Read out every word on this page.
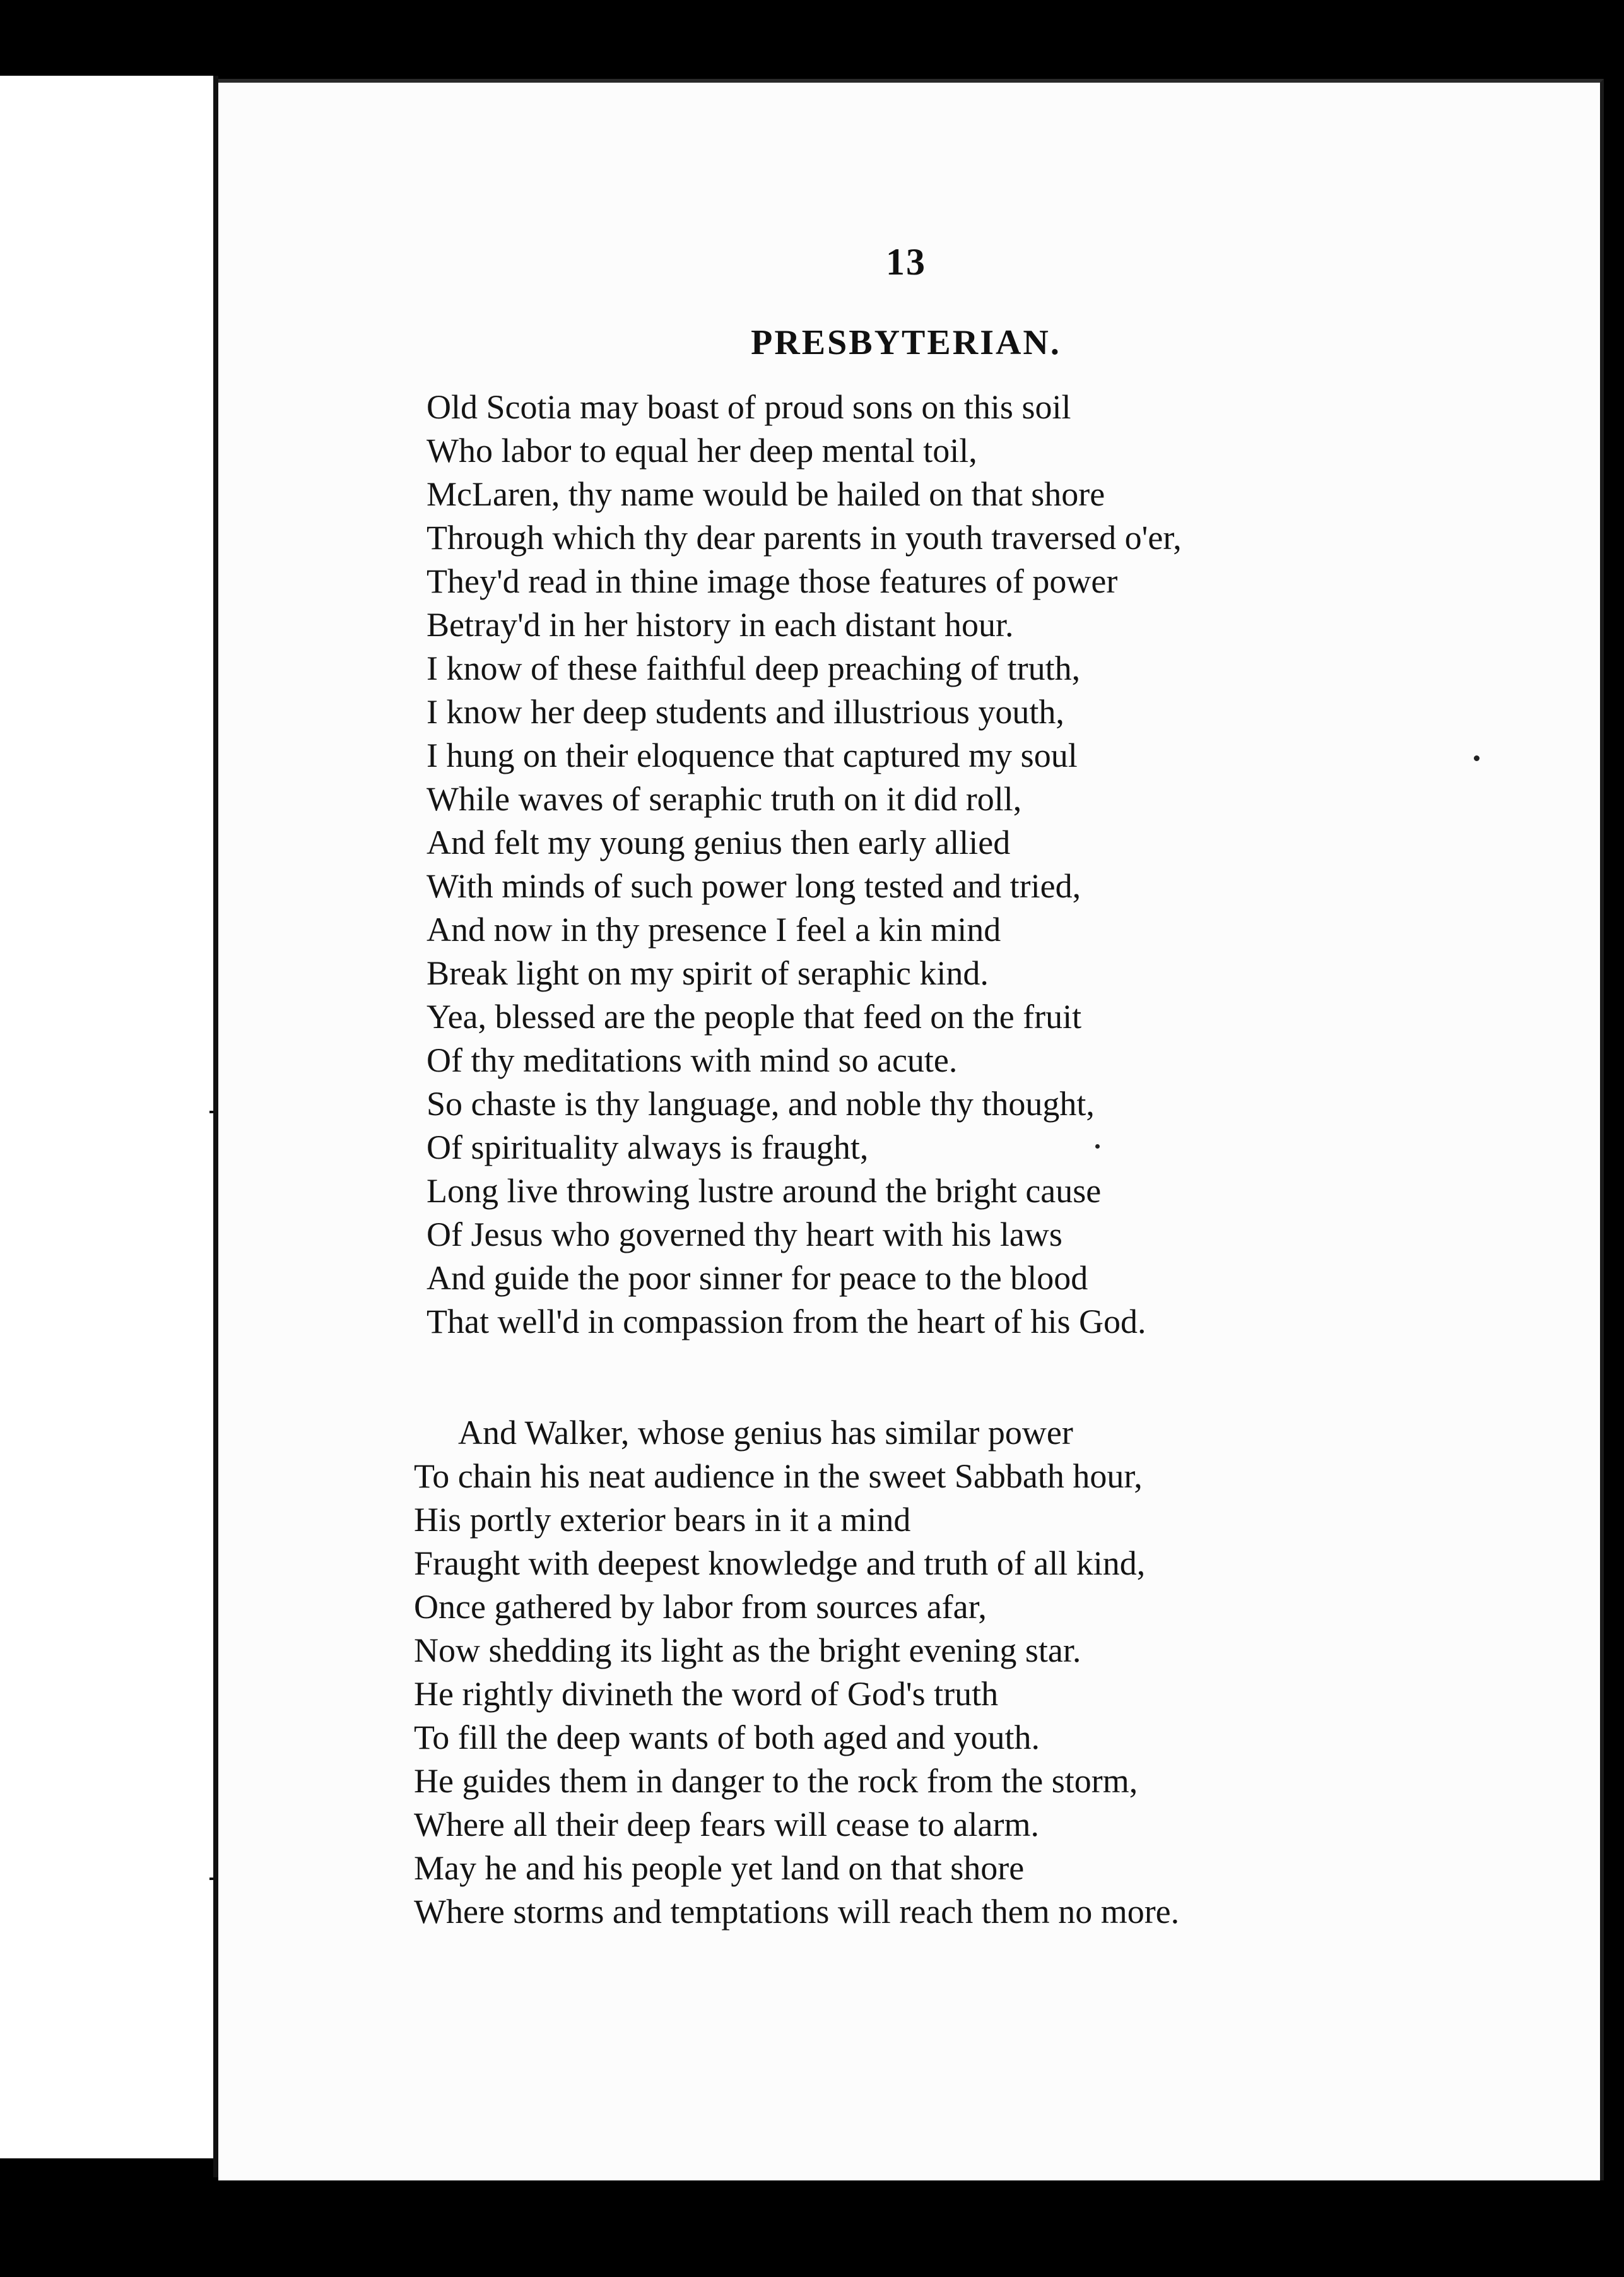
13
PRESBYTERIAN.
Old Scotia may boast of proud sons on this soil
Who labor to equal her deep mental toil,
McLaren, thy name would be hailed on that shore
Through which thy dear parents in youth traversed o'er,
They'd read in thine image those features of power
Betray'd in her history in each distant hour.
I know of these faithful deep preaching of truth,
I know her deep students and illustrious youth,
I hung on their eloquence that captured my soul
While waves of seraphic truth on it did roll,
And felt my young genius then early allied
With minds of such power long tested and tried,
And now in thy presence I feel a kin mind
Break light on my spirit of seraphic kind.
Yea, blessed are the people that feed on the fruit
Of thy meditations with mind so acute.
So chaste is thy language, and noble thy thought,
Of spirituality always is fraught,
Long live throwing lustre around the bright cause
Of Jesus who governed thy heart with his laws
And guide the poor sinner for peace to the blood
That well'd in compassion from the heart of his God.
And Walker, whose genius has similar power
To chain his neat audience in the sweet Sabbath hour,
His portly exterior bears in it a mind
Fraught with deepest knowledge and truth of all kind,
Once gathered by labor from sources afar,
Now shedding its light as the bright evening star.
He rightly divineth the word of God's truth
To fill the deep wants of both aged and youth.
He guides them in danger to the rock from the storm,
Where all their deep fears will cease to alarm.
May he and his people yet land on that shore
Where storms and temptations will reach them no more.
